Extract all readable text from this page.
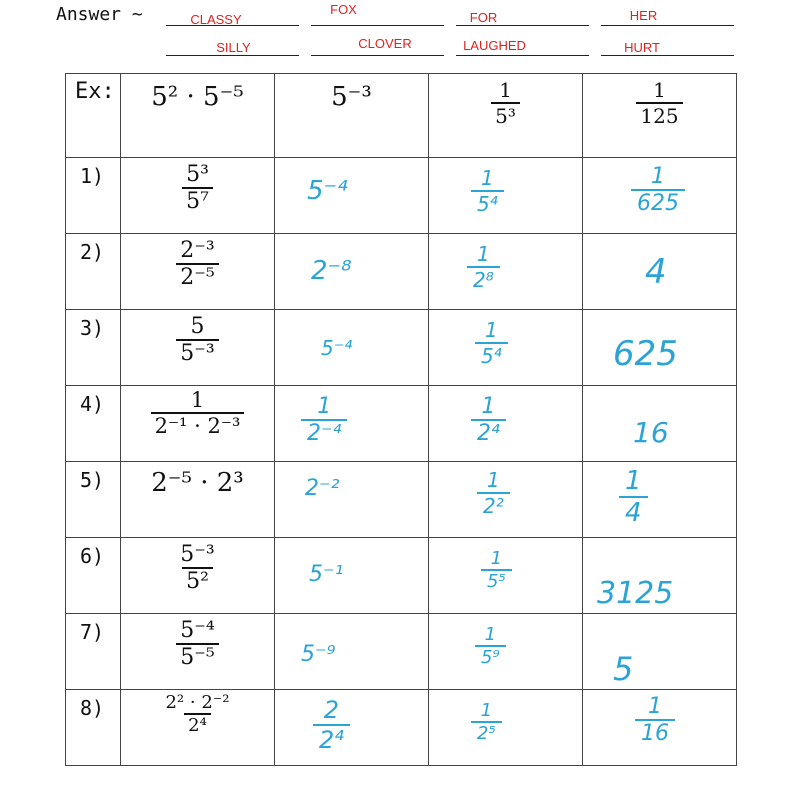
Answer ~	CLASSY
FOX
FOR	HER
SILLY	CLOVER	LAUGHED	HURT
Ex:	5² · 5⁻⁵	5⁻³	$\frac{1}{\text{5³}}$	$\frac{1}{125}$

1)	$\frac{\text{5³}}{\text{5⁷}}$	5⁻⁴	$\frac{1}{\text{5⁴}}$	$\frac{1}{625}$

2)	$\frac{\text{2⁻³}}{\text{2⁻⁵}}$	2⁻⁸	$\frac{1}{\text{2⁸}}$	4

3)	$\frac{5}{\text{5⁻³}}$	5⁻⁴	$\frac{1}{\text{5⁴}}$	625

4)	$\frac{1}{\text{2⁻¹ · 2⁻³}}$	$\frac{1}{\text{2⁻⁴}}$	$\frac{1}{\text{2⁴}}$	16

5)	2⁻⁵ · 2³	2⁻²	$\frac{1}{\text{2²}}$	$\frac{1}{4}$

6)	$\frac{\text{5⁻³}}{\text{5²}}$	5⁻¹	$\frac{1}{\text{5⁵}}$	3125

7)	$\frac{\text{5⁻⁴}}{\text{5⁻⁵}}$	5⁻⁹	$\frac{1}{\text{5⁹}}$	5

8)	$\frac{\text{2² · 2⁻²}}{\text{2⁴}}$	$\frac{2}{\text{2⁴}}$	$\frac{1}{\text{2⁵}}$	$\frac{1}{16}$
